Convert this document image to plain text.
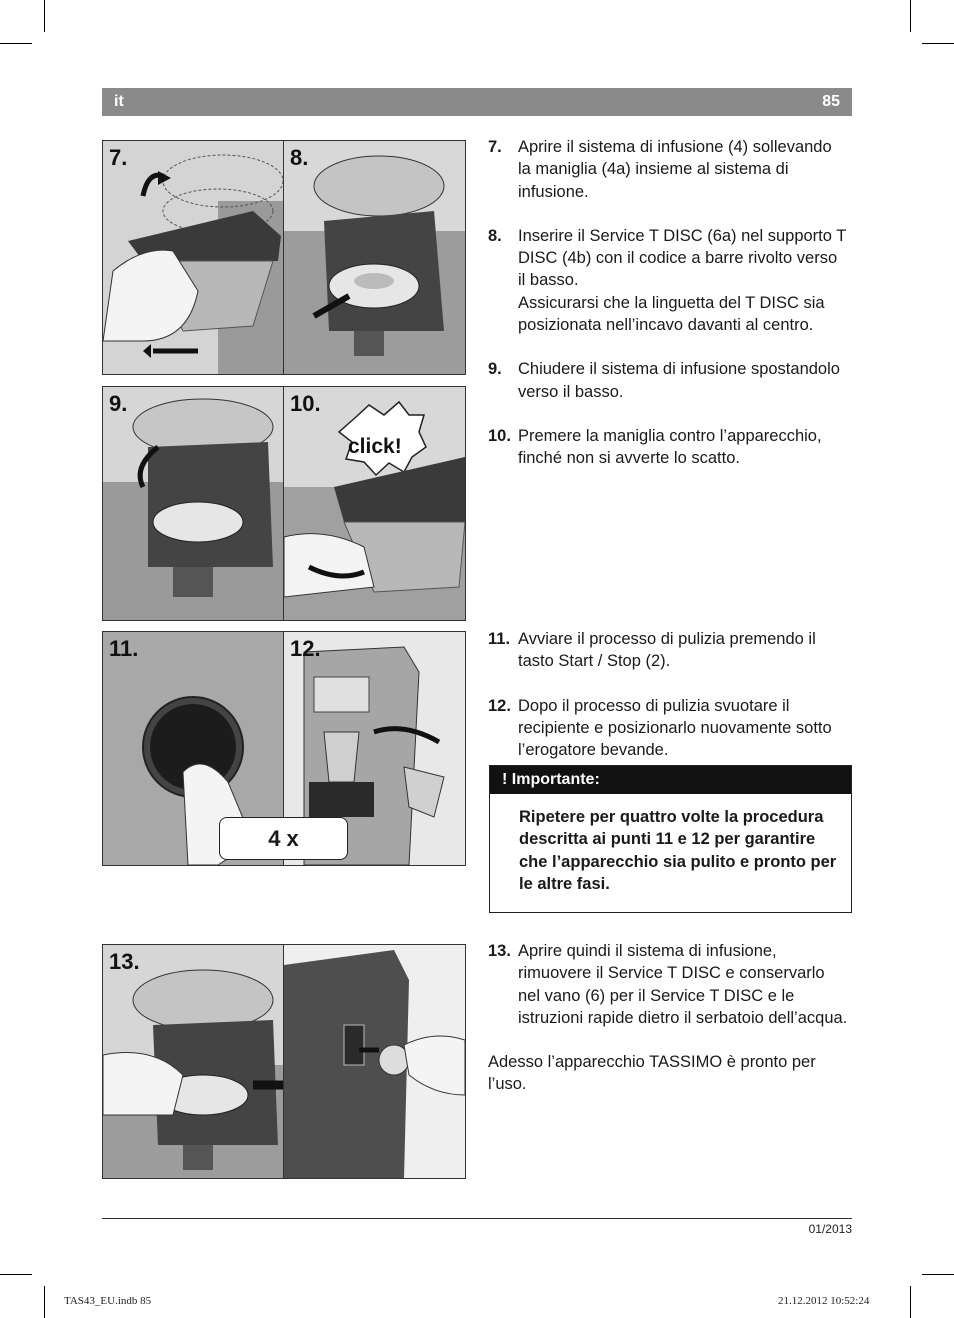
it	85
7.	8.
9.	10.
click!
11.	12.
4 x
13.
7. Aprire il sistema di infusione (4) sollevando la maniglia (4a) insieme al sistema di infusione.

8. Inserire il Service T DISC (6a) nel supporto T DISC (4b) con il codice a barre rivolto verso il basso.

Assicurarsi che la linguetta del T DISC sia posizionata nell’incavo davanti al centro.

9. Chiudere il sistema di infusione spostandolo verso il basso.

10. Premere la maniglia contro l’apparecchio, finché non si avverte lo scatto.

11. Avviare il processo di pulizia premendo il tasto Start / Stop (2).

12. Dopo il processo di pulizia svuotare il recipiente e posizionarlo nuovamente sotto l’erogatore bevande.

! Importante:
Ripetere per quattro volte la procedura descritta ai punti 11 e 12 per garantire che l’apparecchio sia pulito e pronto per le altre fasi.
13. Aprire quindi il sistema di infusione, rimuovere il Service T DISC e conservarlo nel vano (6) per il Service T DISC e le istruzioni rapide dietro il serbatoio dell’acqua.

Adesso l’apparecchio TASSIMO è pronto per l’uso.

01/2013
TAS43_EU.indb 85	21.12.2012 10:52:24
